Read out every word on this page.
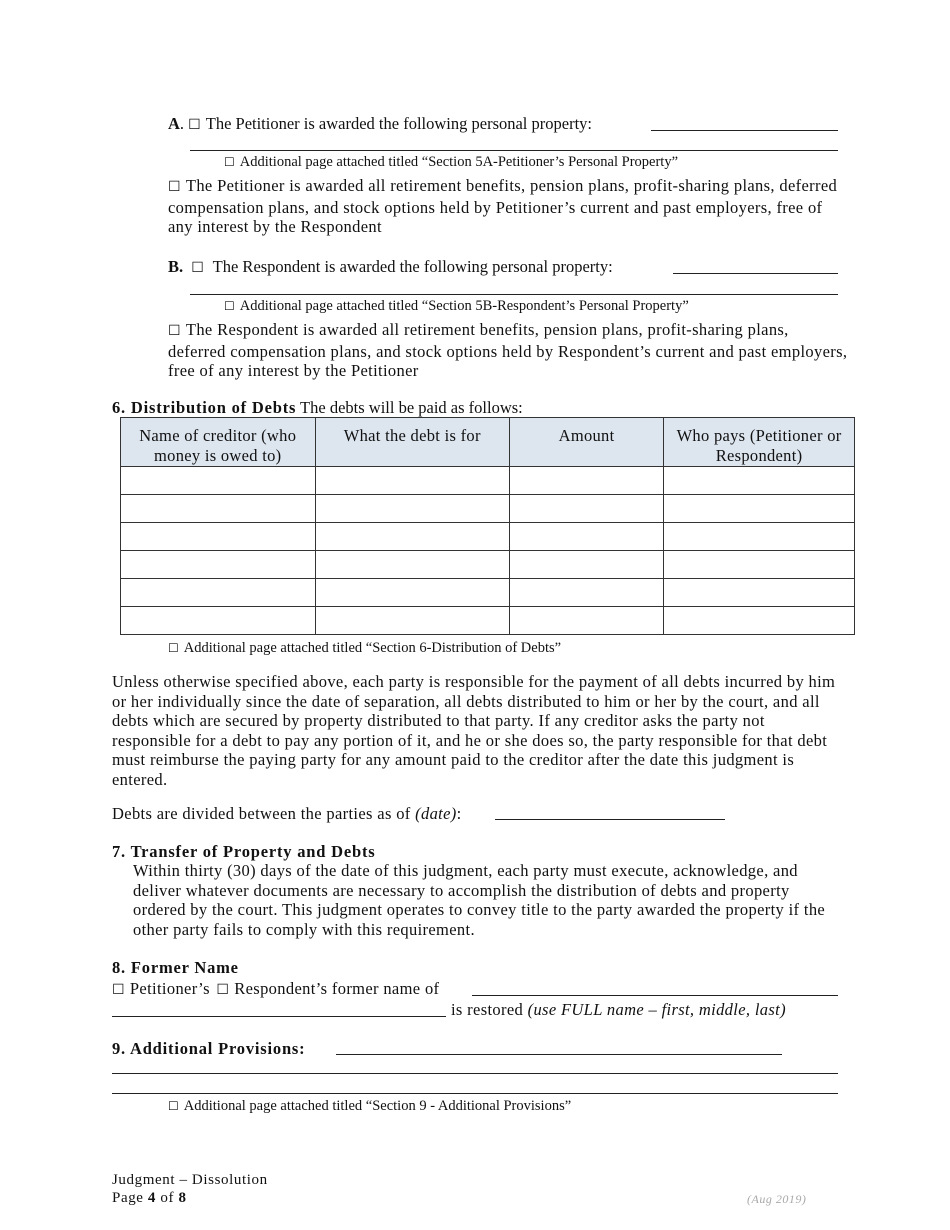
A. ☐ The Petitioner is awarded the following personal property:
☐ Additional page attached titled “Section 5A-Petitioner’s Personal Property”
☐ The Petitioner is awarded all retirement benefits, pension plans, profit-sharing plans, deferred compensation plans, and stock options held by Petitioner’s current and past employers, free of any interest by the Respondent
B. ☐ The Respondent is awarded the following personal property:
☐ Additional page attached titled “Section 5B-Respondent’s Personal Property”
☐ The Respondent is awarded all retirement benefits, pension plans, profit-sharing plans, deferred compensation plans, and stock options held by Respondent’s current and past employers, free of any interest by the Petitioner
6. Distribution of Debts The debts will be paid as follows:
Name of creditor (who money is owed to)	What the debt is for	Amount	Who pays (Petitioner or Respondent)

☐ Additional page attached titled “Section 6-Distribution of Debts”
Unless otherwise specified above, each party is responsible for the payment of all debts incurred by him or her individually since the date of separation, all debts distributed to him or her by the court, and all debts which are secured by property distributed to that party. If any creditor asks the party not responsible for a debt to pay any portion of it, and he or she does so, the party responsible for that debt must reimburse the paying party for any amount paid to the creditor after the date this judgment is entered.
Debts are divided between the parties as of (date):
7. Transfer of Property and Debts
Within thirty (30) days of the date of this judgment, each party must execute, acknowledge, and deliver whatever documents are necessary to accomplish the distribution of debts and property ordered by the court. This judgment operates to convey title to the party awarded the property if the other party fails to comply with this requirement.
8. Former Name
☐ Petitioner’s ☐ Respondent’s former name of
is restored (use FULL name – first, middle, last)
9. Additional Provisions:
☐ Additional page attached titled “Section 9 - Additional Provisions”
Judgment – Dissolution
Page 4 of 8	(Aug 2019)
